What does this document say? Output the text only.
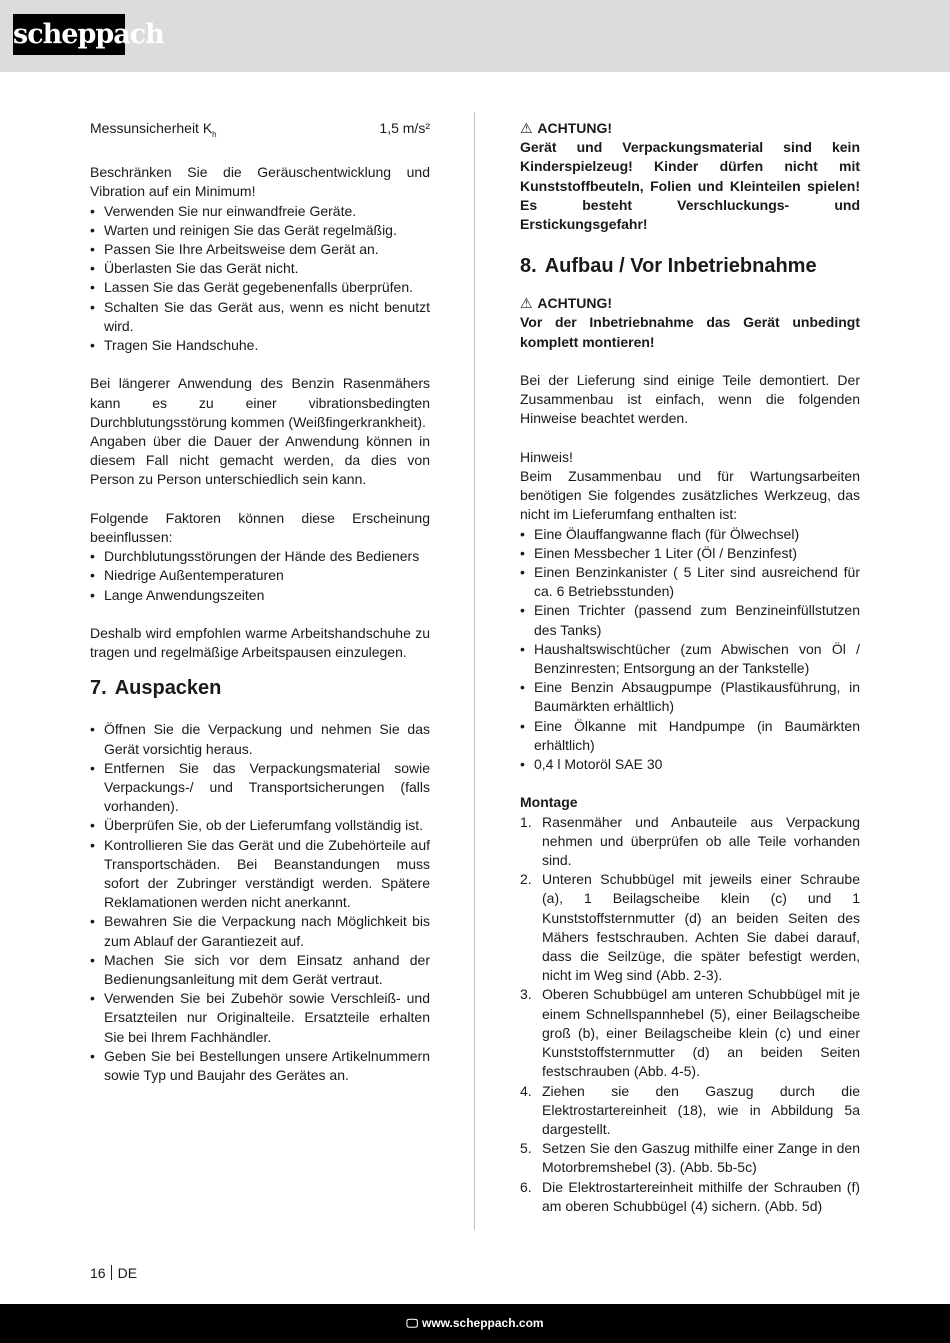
scheppach
Messunsicherheit $K_h$	1,5 m/s²

Beschränken Sie die Geräuschentwicklung und Vibration auf ein Minimum!

• Verwenden Sie nur einwandfreie Geräte.
• Warten und reinigen Sie das Gerät regelmäßig.
• Passen Sie Ihre Arbeitsweise dem Gerät an.
• Überlasten Sie das Gerät nicht.
• Lassen Sie das Gerät gegebenenfalls überprüfen.
• Schalten Sie das Gerät aus, wenn es nicht benutzt wird.
• Tragen Sie Handschuhe.

Bei längerer Anwendung des Benzin Rasenmähers kann es zu einer vibrationsbedingten Durchblutungsstörung kommen (Weißfingerkrankheit).

Angaben über die Dauer der Anwendung können in diesem Fall nicht gemacht werden, da dies von Person zu Person unterschiedlich sein kann.

Folgende Faktoren können diese Erscheinung beeinflussen:

• Durchblutungsstörungen der Hände des Bedieners
• Niedrige Außentemperaturen
• Lange Anwendungszeiten

Deshalb wird empfohlen warme Arbeitshandschuhe zu tragen und regelmäßige Arbeitspausen einzulegen.

7. Auspacken
• Öffnen Sie die Verpackung und nehmen Sie das Gerät vorsichtig heraus.
• Entfernen Sie das Verpackungsmaterial sowie Verpackungs-/ und Transportsicherungen (falls vorhanden).
• Überprüfen Sie, ob der Lieferumfang vollständig ist.
• Kontrollieren Sie das Gerät und die Zubehörteile auf Transportschäden. Bei Beanstandungen muss sofort der Zubringer verständigt werden. Spätere Reklamationen werden nicht anerkannt.
• Bewahren Sie die Verpackung nach Möglichkeit bis zum Ablauf der Garantiezeit auf.
• Machen Sie sich vor dem Einsatz anhand der Bedienungsanleitung mit dem Gerät vertraut.
• Verwenden Sie bei Zubehör sowie Verschleiß- und Ersatzteilen nur Originalteile. Ersatzteile erhalten Sie bei Ihrem Fachhändler.
• Geben Sie bei Bestellungen unsere Artikelnummern sowie Typ und Baujahr des Gerätes an.

⚠ ACHTUNG!

Gerät und Verpackungsmaterial sind kein Kinderspielzeug! Kinder dürfen nicht mit Kunststoffbeuteln, Folien und Kleinteilen spielen! Es besteht Verschluckungs- und Erstickungsgefahr!

8. Aufbau / Vor Inbetriebnahme

⚠ ACHTUNG!

Vor der Inbetriebnahme das Gerät unbedingt komplett montieren!

Bei der Lieferung sind einige Teile demontiert. Der Zusammenbau ist einfach, wenn die folgenden Hinweise beachtet werden.

Hinweis!

Beim Zusammenbau und für Wartungsarbeiten benötigen Sie folgendes zusätzliches Werkzeug, das nicht im Lieferumfang enthalten ist:

• Eine Ölauffangwanne flach (für Ölwechsel)
• Einen Messbecher 1 Liter (Öl / Benzinfest)
• Einen Benzinkanister ( 5 Liter sind ausreichend für ca. 6 Betriebsstunden)
• Einen Trichter (passend zum Benzineinfüllstutzen des Tanks)
• Haushaltswischtücher (zum Abwischen von Öl / Benzinresten; Entsorgung an der Tankstelle)
• Eine Benzin Absaugpumpe (Plastikausführung, in Baumärkten erhältlich)
• Eine Ölkanne mit Handpumpe (in Baumärkten erhältlich)
• 0,4 l Motoröl SAE 30

Montage

1. Rasenmäher und Anbauteile aus Verpackung nehmen und überprüfen ob alle Teile vorhanden sind.
2. Unteren Schubbügel mit jeweils einer Schraube (a), 1 Beilagscheibe klein (c) und 1 Kunststoffsternmutter (d) an beiden Seiten des Mähers festschrauben. Achten Sie dabei darauf, dass die Seilzüge, die später befestigt werden, nicht im Weg sind (Abb. 2-3).
3. Oberen Schubbügel am unteren Schubbügel mit je einem Schnellspannhebel (5), einer Beilagscheibe groß (b), einer Beilagscheibe klein (c) und einer Kunststoffsternmutter (d) an beiden Seiten festschrauben (Abb. 4-5).
4. Ziehen sie den Gaszug durch die Elektrostartereinheit (18), wie in Abbildung 5a dargestellt.
5. Setzen Sie den Gaszug mithilfe einer Zange in den Motorbremshebel (3). (Abb. 5b-5c)
6. Die Elektrostartereinheit mithilfe der Schrauben (f) am oberen Schubbügel (4) sichern. (Abb. 5d)
16 DE
🖵 www.scheppach.com
